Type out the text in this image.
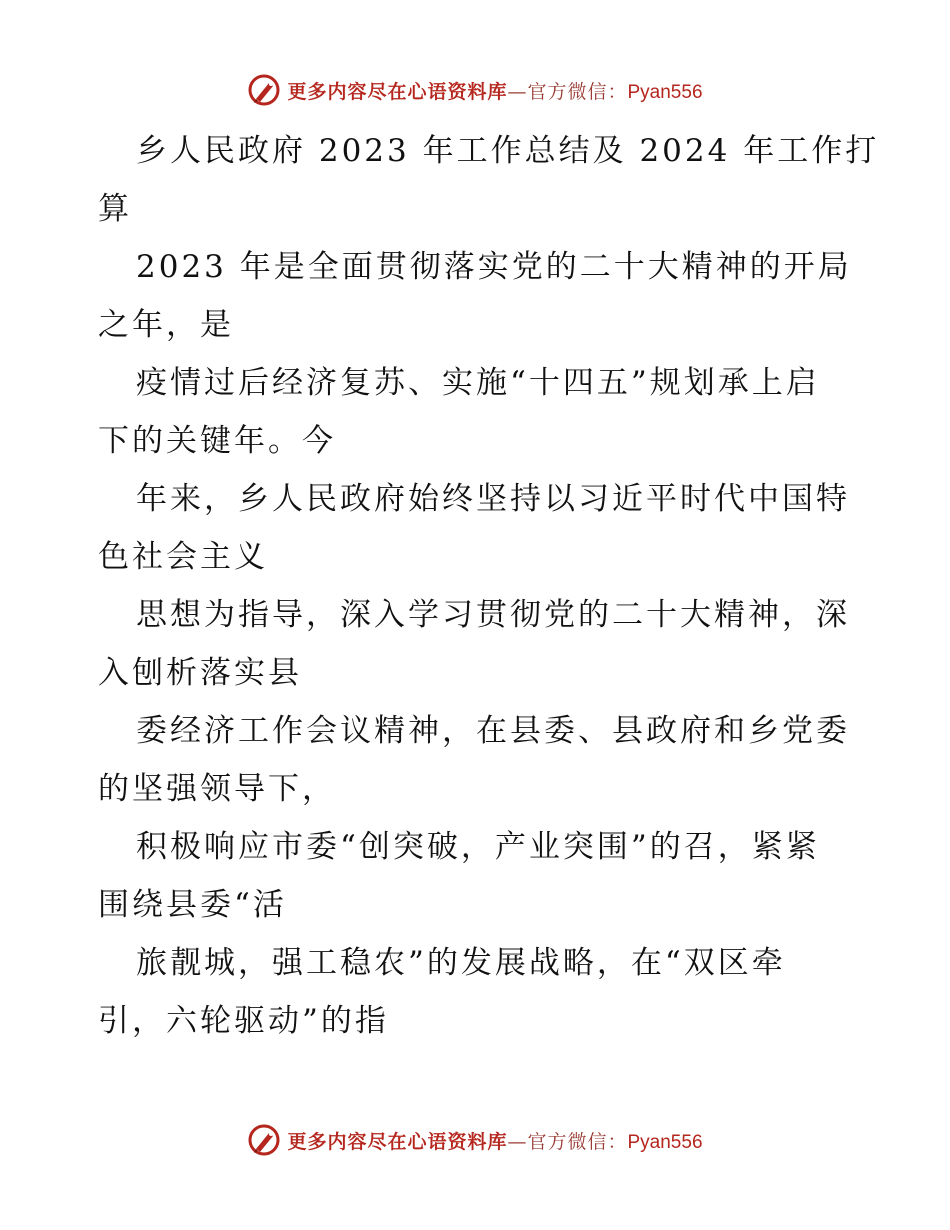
更多内容尽在心语资料库—官方微信：Pyan556
乡人民政府 2023 年工作总结及 2024 年工作打
算
2023 年是全面贯彻落实党的二十大精神的开局
之年，是
疫情过后经济复苏、实施“十四五”规划承上启
下的关键年。今
年来，乡人民政府始终坚持以习近平时代中国特
色社会主义
思想为指导，深入学习贯彻党的二十大精神，深
入刨析落实县
委经济工作会议精神，在县委、县政府和乡党委
的坚强领导下，
积极响应市委“创突破，产业突围”的召，紧紧
围绕县委“活
旅靓城，强工稳农”的发展战略，在“双区牵
引，六轮驱动”的指
更多内容尽在心语资料库—官方微信：Pyan556
